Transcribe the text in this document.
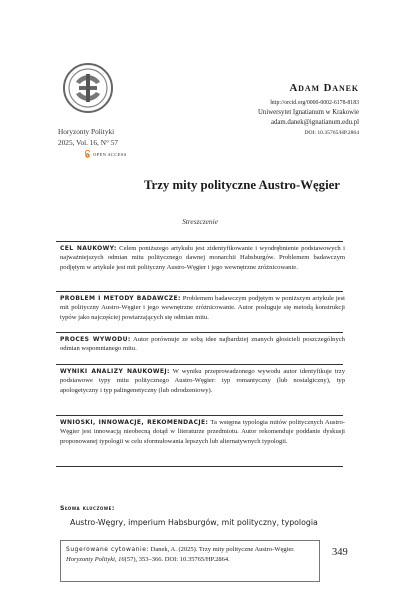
Horyzonty Polityki
2025, Vol. 16, N° 57
OPEN ACCESS
Adam Danek
http://orcid.org/0000-0002-6178-8183
Uniwersytet Ignatianum w Krakowie
adam.danek@ignatianum.edu.pl
DOI: 10.35765/HP.2864
Trzy mity polityczne Austro-Węgier
Streszczenie
CEL NAUKOWY: Celem poniższego artykułu jest zidentyfikowanie i wyodrębnienie podstawowych i najważniejszych odmian mitu politycznego dawnej monarchii Habsburgów. Problemem badawczym podjętym w artykule jest mit polityczny Austro-Węgier i jego wewnętrzne zróżnicowanie.
PROBLEM I METODY BADAWCZE: Problemem badawczym podjętym w poniższym artykule jest mit polityczny Austro-Węgier i jego wewnętrzne zróżnicowanie. Autor posługuje się metodą konstrukcji typów jako najczęściej powtarzających się odmian mitu.
PROCES WYWODU: Autor porównuje ze sobą idee najbardziej znanych głosicieli poszczególnych odmian wspomnianego mitu.
WYNIKI ANALIZY NAUKOWEJ: W wyniku przeprowadzonego wywodu autor identyfikuje trzy podstawowe typy mitu politycznego Austro-Węgier: typ romantyczny (lub nostalgiczny), typ apologetyczny i typ palingenetyczny (lub odrodzeniowy).
WNIOSKI, INNOWACJE, REKOMENDACJE: Ta wstępna typologia mitów politycznych Austro-Węgier jest innowacją nieobecną dotąd w literaturze przedmiotu. Autor rekomenduje poddanie dyskusji proponowanej typologii w celu sformułowania lepszych lub alternatywnych typologii.
Słowa kluczowe:
Austro-Węgry, imperium Habsburgów, mit polityczny, typologia
Sugerowane cytowanie: Danek, A. (2025). Trzy mity polityczne Austro-Węgier. Horyzonty Polityki, 16(57), 353–366. DOI: 10.35765/HP.2864.
349
